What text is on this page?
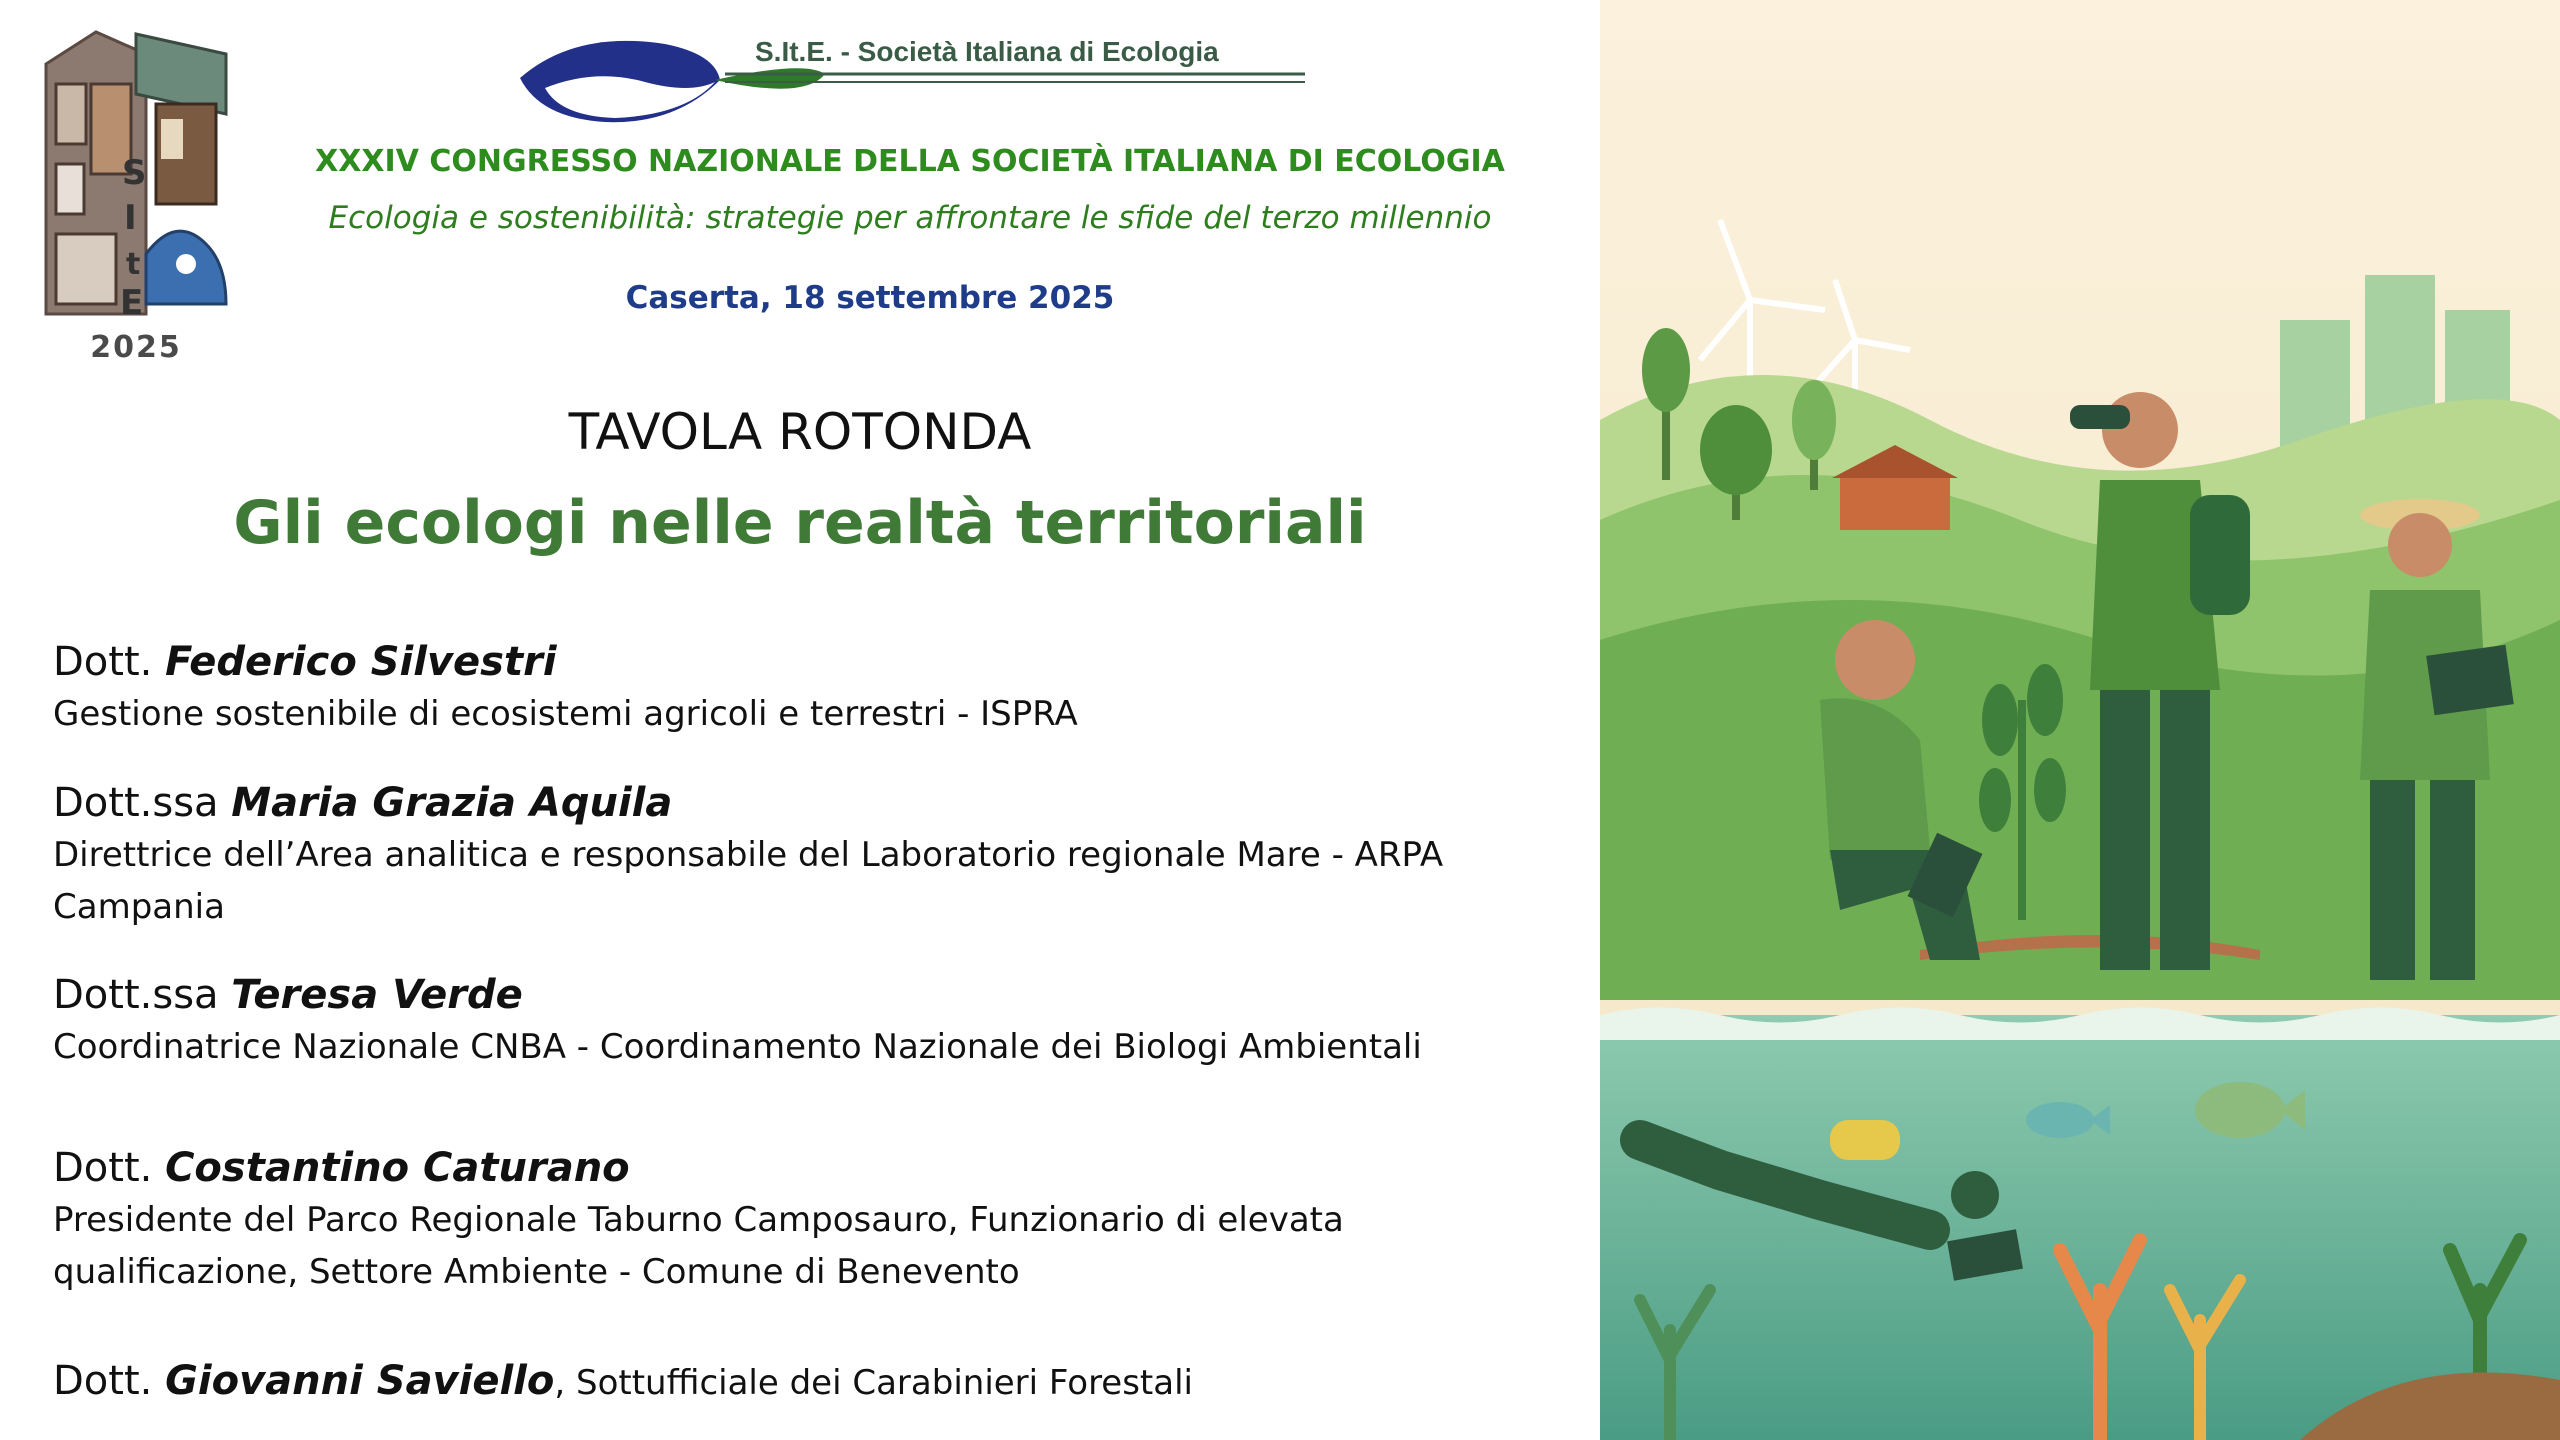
S
I
t
E
2025
S.It.E. - Società Italiana di Ecologia
XXXIV CONGRESSO NAZIONALE DELLA SOCIETÀ ITALIANA DI ECOLOGIA
Ecologia e sostenibilità: strategie per affrontare le sfide del terzo millennio
Caserta, 18 settembre 2025
TAVOLA ROTONDA
Gli ecologi nelle realtà territoriali
Dott. Federico Silvestri
Gestione sostenibile di ecosistemi agricoli e terrestri - ISPRA
Dott.ssa Maria Grazia Aquila
Direttrice dell’Area analitica e responsabile del Laboratorio regionale Mare - ARPA
Campania
Dott.ssa Teresa Verde
Coordinatrice Nazionale CNBA - Coordinamento Nazionale dei Biologi Ambientali
Dott. Costantino Caturano
Presidente del Parco Regionale Taburno Camposauro, Funzionario di elevata
qualificazione, Settore Ambiente - Comune di Benevento
Dott. Giovanni Saviello, Sottufficiale dei Carabinieri Forestali
